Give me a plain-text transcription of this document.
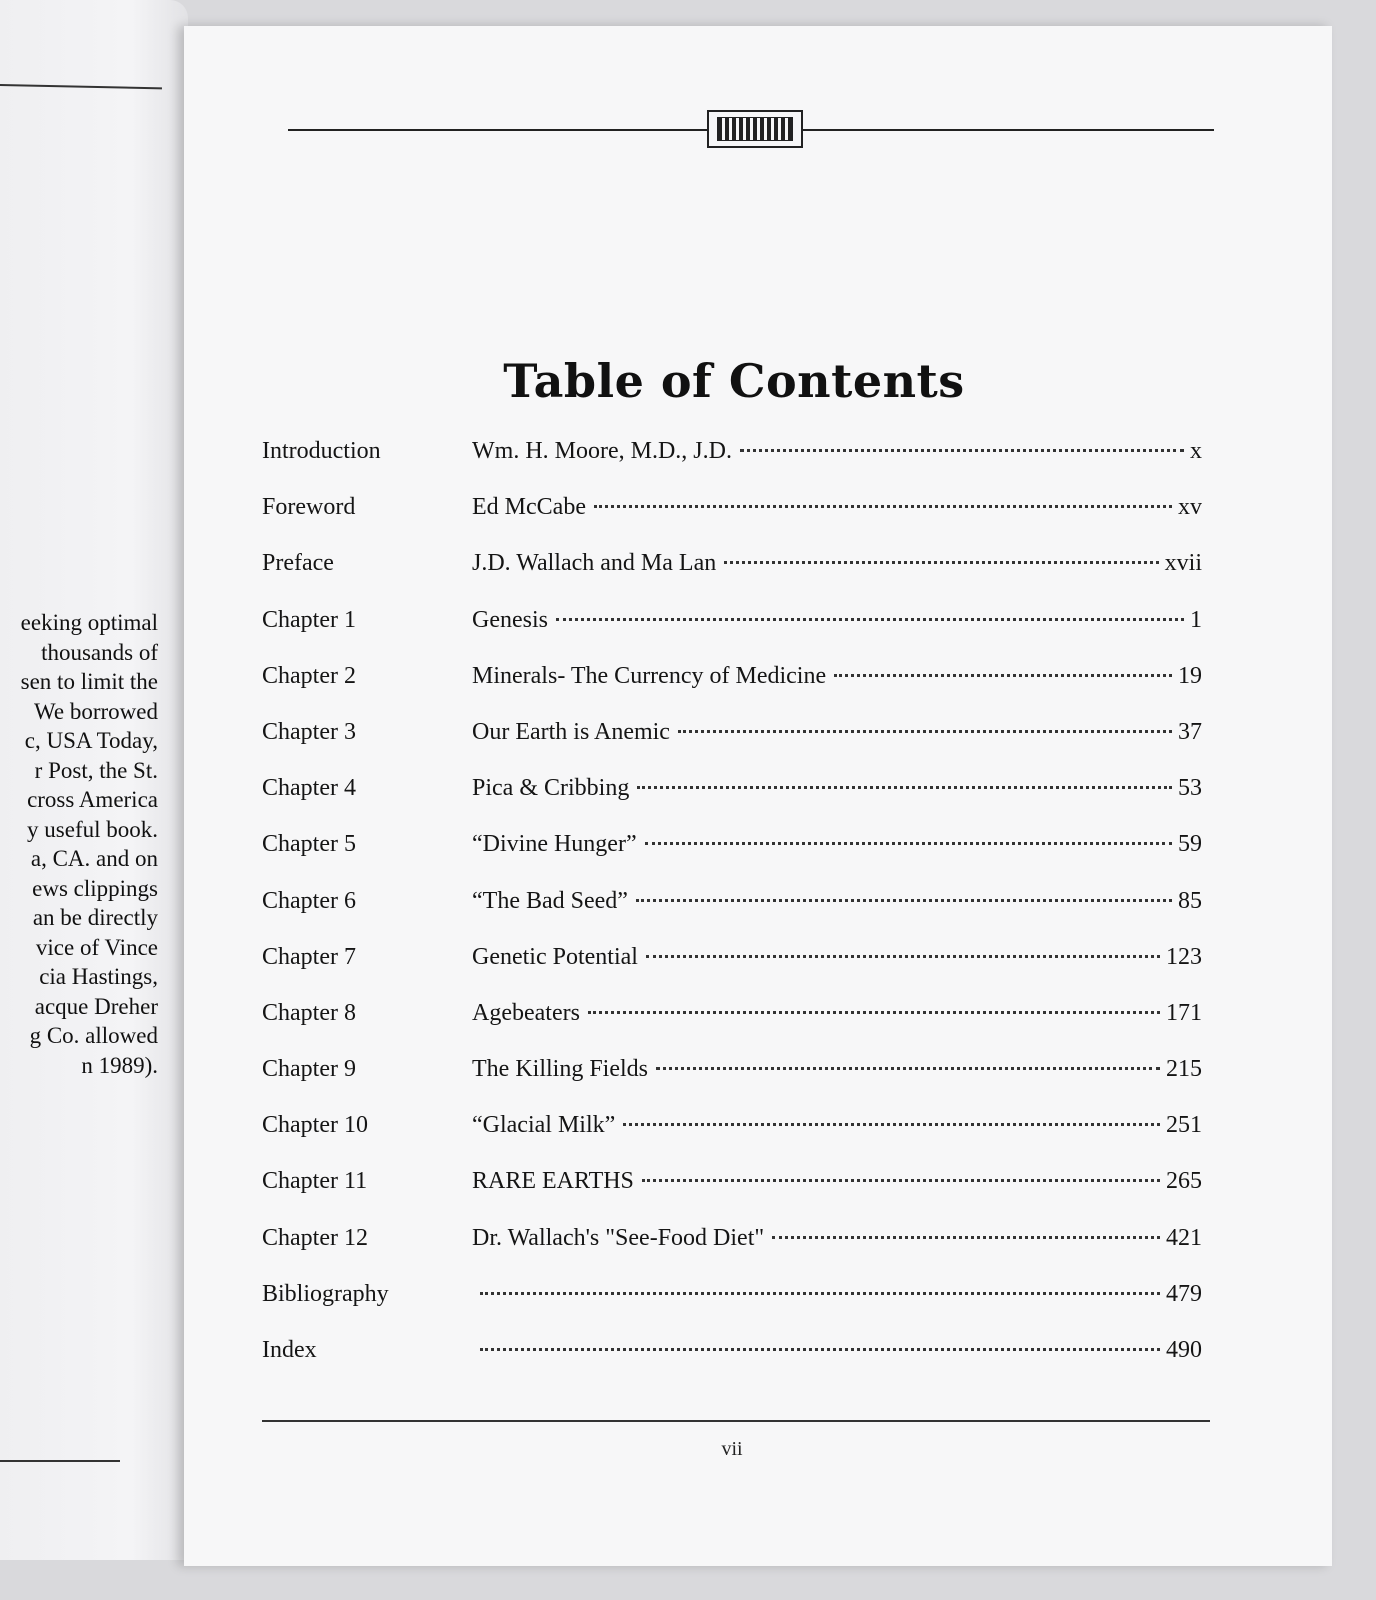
eeking optimal
thousands of
sen to limit the
We borrowed
c, USA Today,
r Post, the St.
cross America
y useful book.
a, CA. and on
ews clippings
an be directly
vice of Vince
cia Hastings,
acque Dreher
g Co. allowed
n 1989).
Table of Contents
Introduction	Wm. H. Moore, M.D., J.D.	x
Foreword	Ed McCabe	xv
Preface	J.D. Wallach and Ma Lan	xvii
Chapter 1	Genesis	1
Chapter 2	Minerals- The Currency of Medicine	19
Chapter 3	Our Earth is Anemic	37
Chapter 4	Pica & Cribbing	53
Chapter 5	“Divine Hunger”	59
Chapter 6	“The Bad Seed”	85
Chapter 7	Genetic Potential	123
Chapter 8	Agebeaters	171
Chapter 9	The Killing Fields	215
Chapter 10	“Glacial Milk”	251
Chapter 11	RARE EARTHS	265
Chapter 12	Dr. Wallach's "See-Food Diet"	421
Bibliography	479
Index	490
vii
